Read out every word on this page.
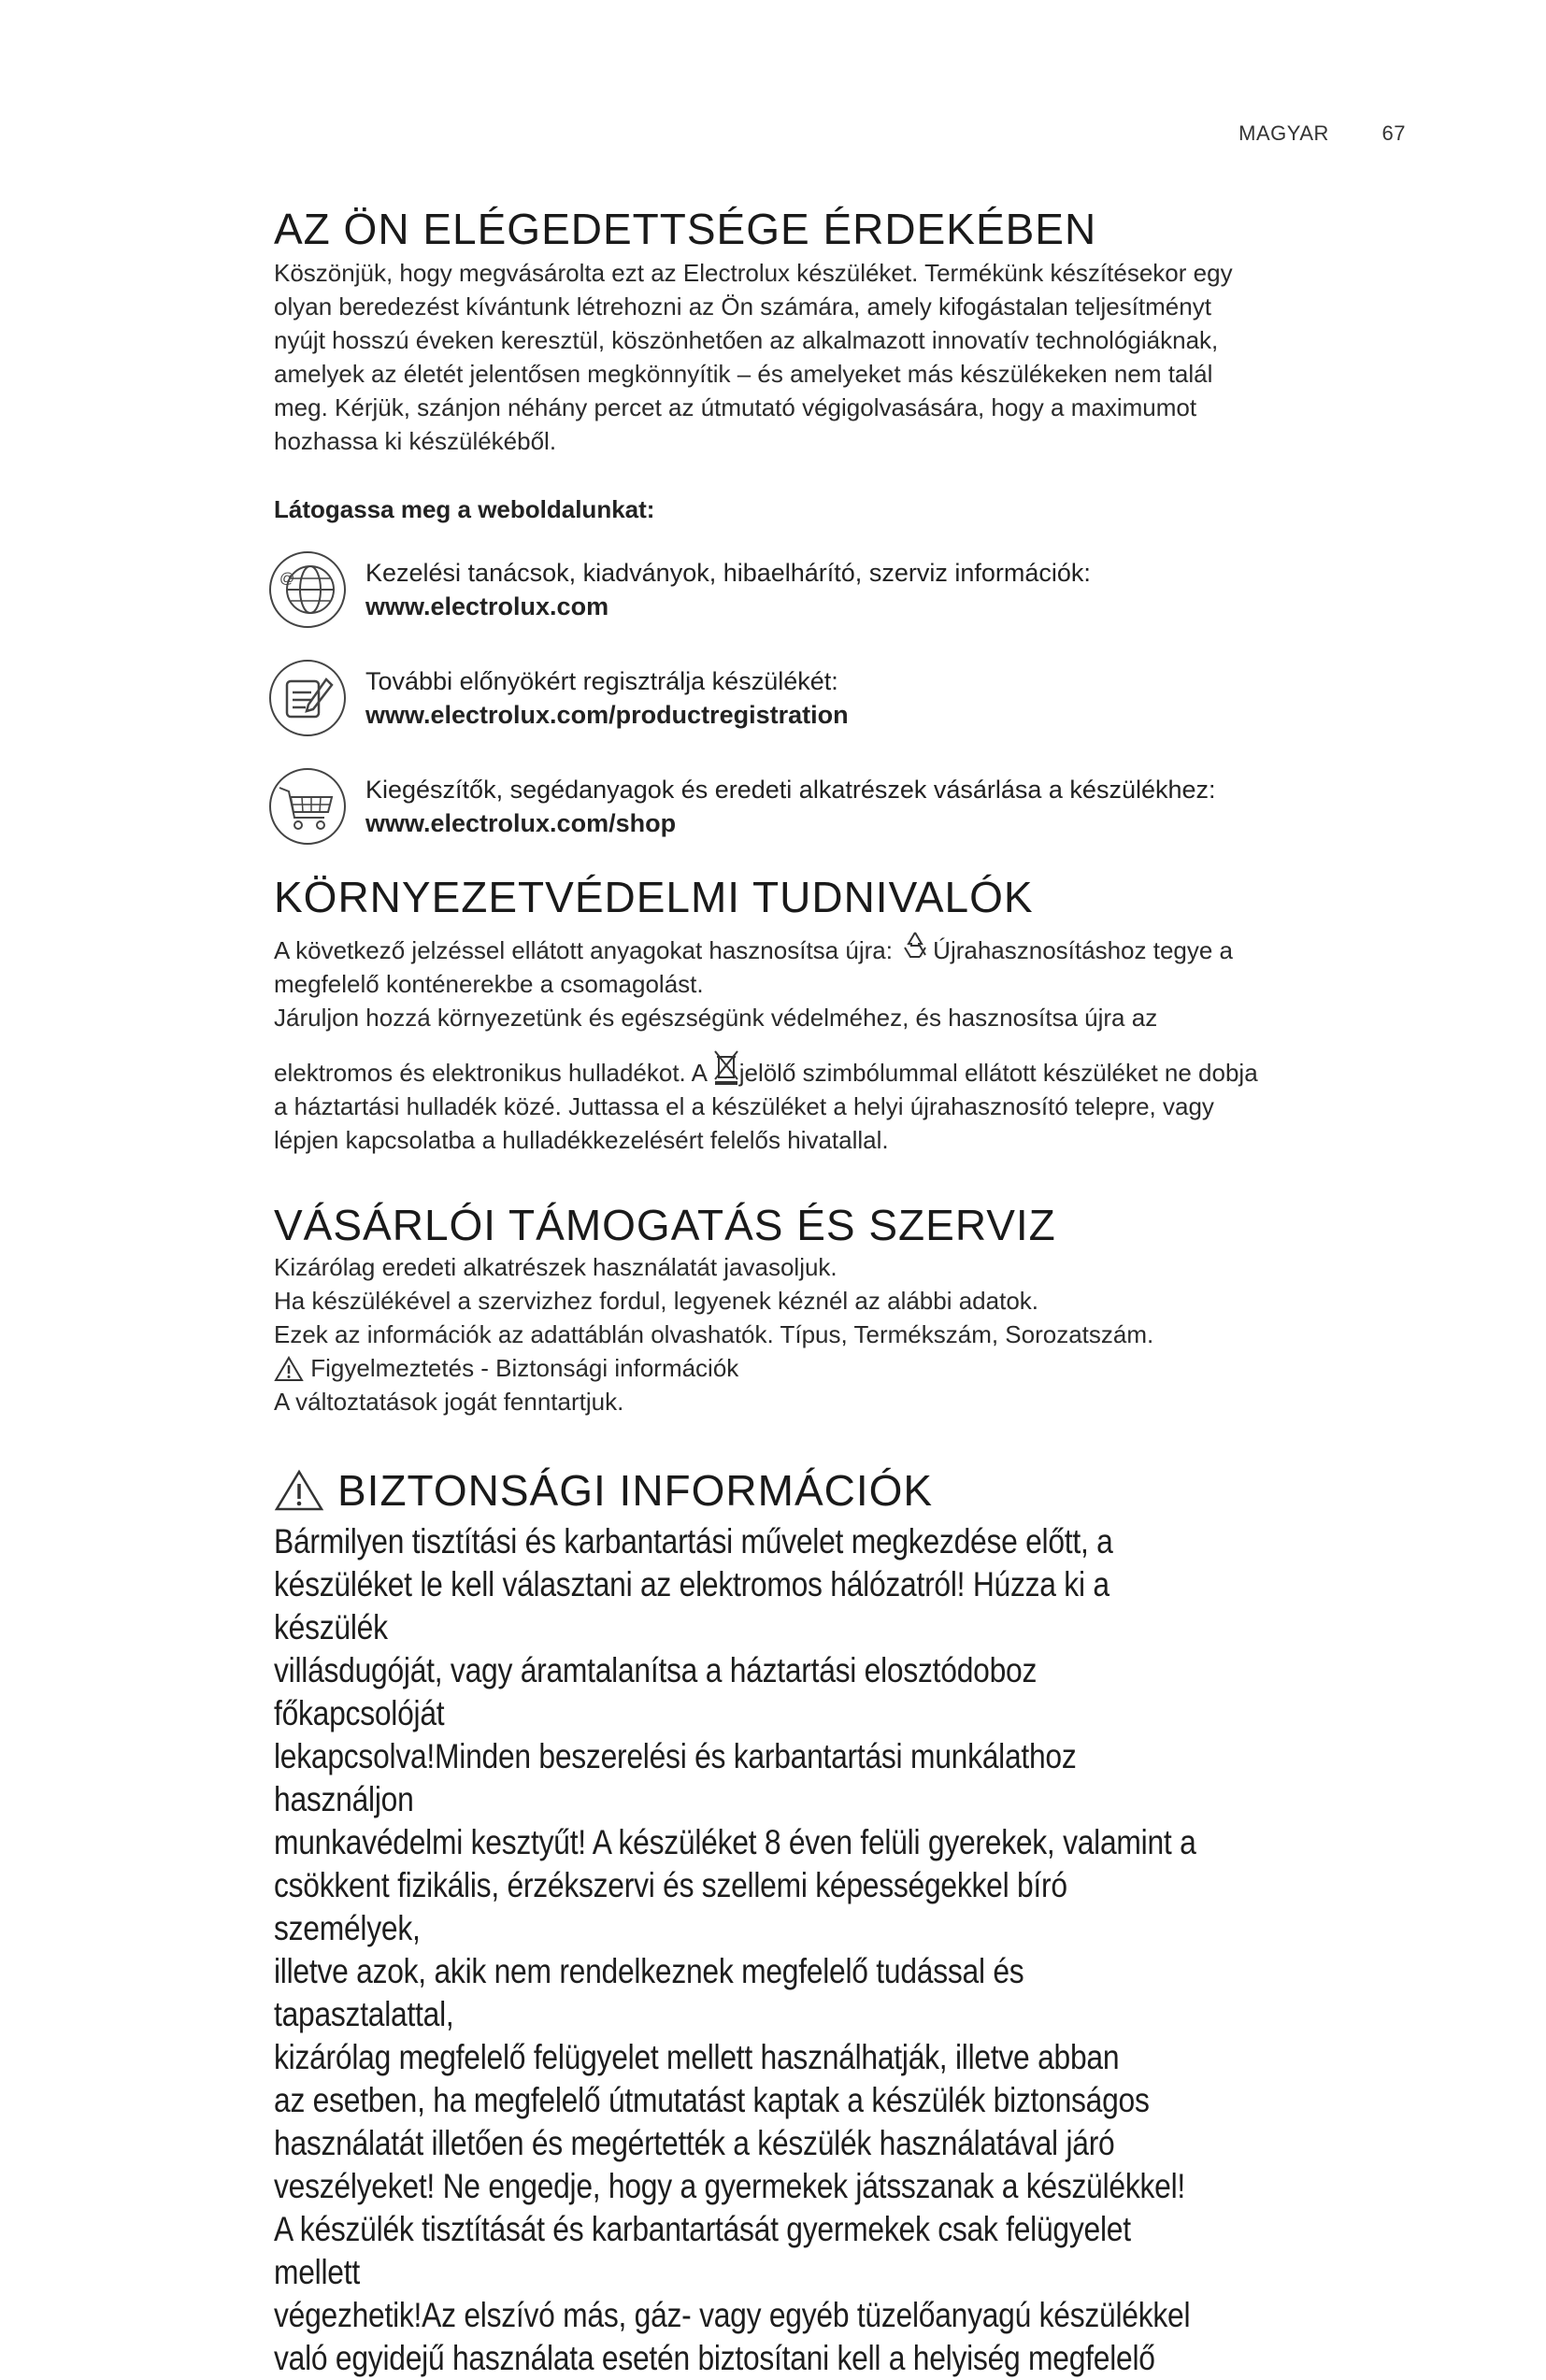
MAGYAR	67
AZ ÖN ELÉGEDETTSÉGE ÉRDEKÉBEN
Köszönjük, hogy megvásárolta ezt az Electrolux készüléket. Termékünk készítésekor egy
olyan beredezést kívántunk létrehozni az Ön számára, amely kifogástalan teljesítményt
nyújt hosszú éveken keresztül, köszönhetően az alkalmazott innovatív technológiáknak,
amelyek az életét jelentősen megkönnyítik – és amelyeket más készülékeken nem talál
meg. Kérjük, szánjon néhány percet az útmutató végigolvasására, hogy a maximumot
hozhassa ki készülékéből.
Látogassa meg a weboldalunkat:
@	Kezelési tanácsok, kiadványok, hibaelhárító, szerviz információk:
www.electrolux.com
További előnyökért regisztrálja készülékét:
www.electrolux.com/productregistration
Kiegészítők, segédanyagok és eredeti alkatrészek vásárlása a készülékhez:
www.electrolux.com/shop
KÖRNYEZETVÉDELMI TUDNIVALÓK
A következő jelzéssel ellátott anyagokat hasznosítsa újra: Újrahasznosításhoz tegye a
megfelelő konténerekbe a csomagolást.
Járuljon hozzá környezetünk és egészségünk védelméhez, és hasznosítsa újra az
elektromos és elektronikus hulladékot. A jelölő szimbólummal ellátott készüléket ne dobja
a háztartási hulladék közé. Juttassa el a készüléket a helyi újrahasznosító telepre, vagy
lépjen kapcsolatba a hulladékkezelésért felelős hivatallal.
VÁSÁRLÓI TÁMOGATÁS ÉS SZERVIZ
Kizárólag eredeti alkatrészek használatát javasoljuk.
Ha készülékével a szervizhez fordul, legyenek kéznél az alábbi adatok.
Ezek az információk az adattáblán olvashatók. Típus, Termékszám, Sorozatszám.
Figyelmeztetés - Biztonsági információk
A változtatások jogát fenntartjuk.
BIZTONSÁGI INFORMÁCIÓK
Bármilyen tisztítási és karbantartási művelet megkezdése előtt, a
készüléket le kell választani az elektromos hálózatról! Húzza ki a készülék
villásdugóját, vagy áramtalanítsa a háztartási elosztódoboz főkapcsolóját
lekapcsolva!Minden beszerelési és karbantartási munkálathoz használjon
munkavédelmi kesztyűt! A készüléket 8 éven felüli gyerekek, valamint a
csökkent fizikális, érzékszervi és szellemi képességekkel bíró személyek,
illetve azok, akik nem rendelkeznek megfelelő tudással és tapasztalattal,
kizárólag megfelelő felügyelet mellett használhatják, illetve abban
az esetben, ha megfelelő útmutatást kaptak a készülék biztonságos
használatát illetően és megértették a készülék használatával járó
veszélyeket! Ne engedje, hogy a gyermekek játsszanak a készülékkel!
A készülék tisztítását és karbantartását gyermekek csak felügyelet mellett
végezhetik!Az elszívó más, gáz- vagy egyéb tüzelőanyagú készülékkel
való egyidejű használata esetén biztosítani kell a helyiség megfelelő
